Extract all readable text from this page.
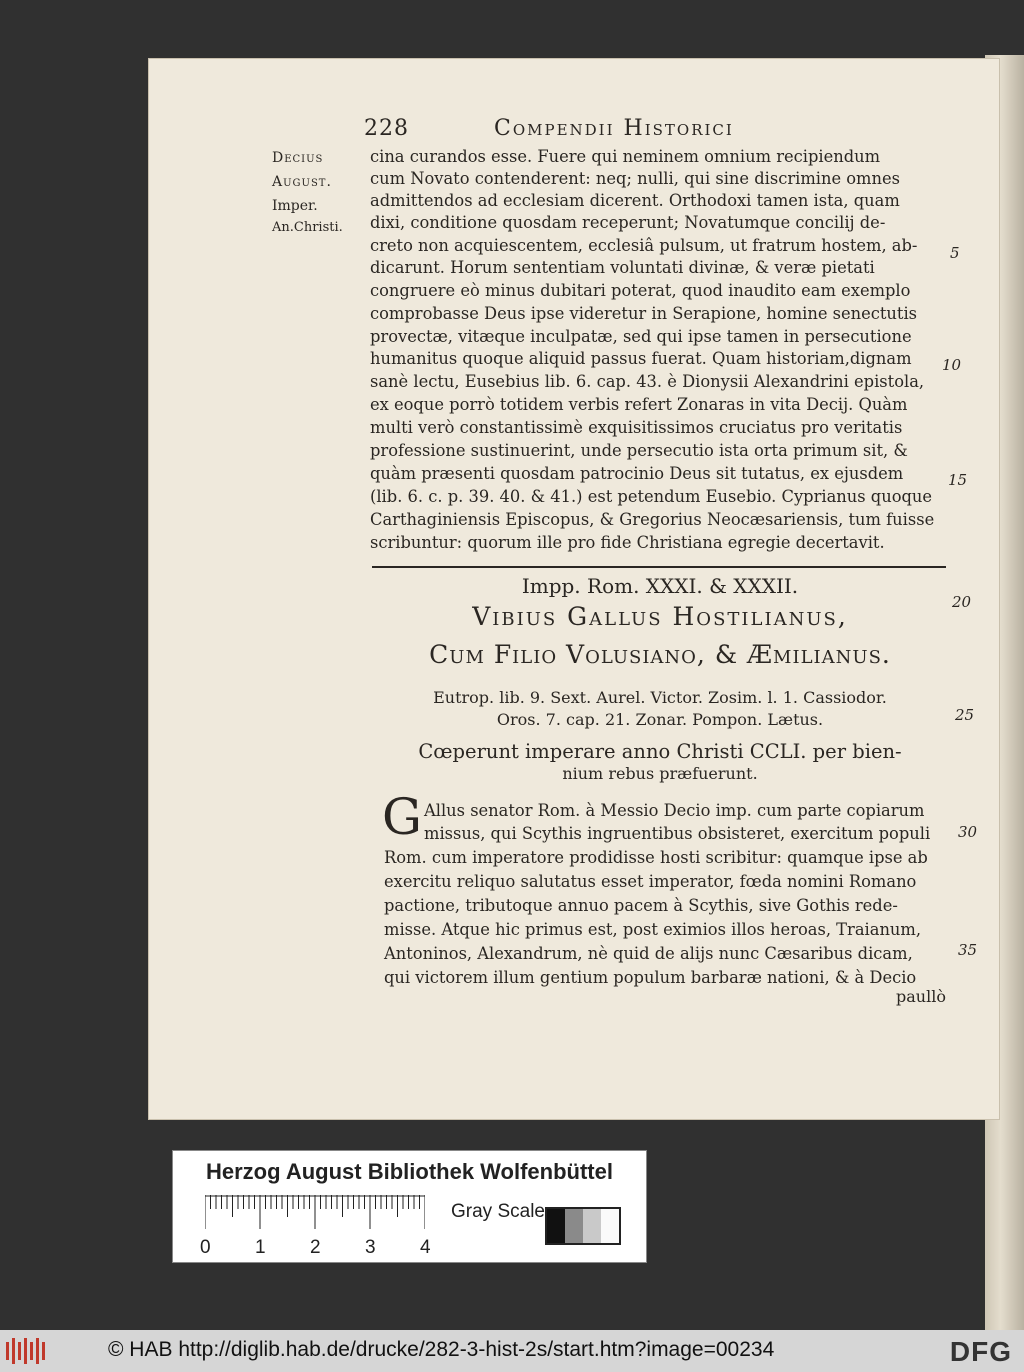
228	Compendii Historici
Decius
August.
Imper.
An.Christi.
cina curandos esse. Fuere qui neminem omnium recipiendum
cum Novato contenderent: neq; nulli, qui sine discrimine omnes
admittendos ad ecclesiam dicerent. Orthodoxi tamen ista, quam
dixi, conditione quosdam receperunt; Novatumque concilij de-
creto non acquiescentem, ecclesiâ pulsum, ut fratrum hostem, ab-
dicarunt. Horum sententiam voluntati divinæ, & veræ pietati
congruere eò minus dubitari poterat, quod inaudito eam exemplo
comprobasse Deus ipse videretur in Serapione, homine senectutis
provectæ, vitæque inculpatæ, sed qui ipse tamen in persecutione
humanitus quoque aliquid passus fuerat. Quam historiam,dignam
sanè lectu, Eusebius lib. 6. cap. 43. è Dionysii Alexandrini epistola,
ex eoque porrò totidem verbis refert Zonaras in vita Decij. Quàm
multi verò constantissimè exquisitissimos cruciatus pro veritatis
professione sustinuerint, unde persecutio ista orta primum sit, &
quàm præsenti quosdam patrocinio Deus sit tutatus, ex ejusdem
(lib. 6. c. p. 39. 40. & 41.) est petendum Eusebio. Cyprianus quoque
Carthaginiensis Episcopus, & Gregorius Neocæsariensis, tum fuisse
scribuntur: quorum ille pro fide Christiana egregie decertavit.
5
10
15
20
25
30
35
Impp. Rom. XXXI. & XXXII.
Vibius Gallus Hostilianus,
Cum Filio Volusiano, & Æmilianus.
Eutrop. lib. 9. Sext. Aurel. Victor. Zosim. l. 1. Cassiodor.
Oros. 7. cap. 21. Zonar. Pompon. Lætus.
Cœperunt imperare anno Christi CCLI. per bien-
nium rebus præfuerunt.
G Allus senator Rom. à Messio Decio imp. cum parte copiarum
missus, qui Scythis ingruentibus obsisteret, exercitum populi
Rom. cum imperatore prodidisse hosti scribitur: quamque ipse ab
exercitu reliquo salutatus esset imperator, fœda nomini Romano
pactione, tributoque annuo pacem à Scythis, sive Gothis rede-
misse. Atque hic primus est, post eximios illos heroas, Traianum,
Antoninos, Alexandrum, nè quid de alijs nunc Cæsaribus dicam,
qui victorem illum gentium populum barbaræ nationi, & à Decio
paullò
Herzog August Bibliothek Wolfenbüttel
0 1 2 3 4
Gray Scale
© HAB http://diglib.hab.de/drucke/282-3-hist-2s/start.htm?image=00234	DFG
